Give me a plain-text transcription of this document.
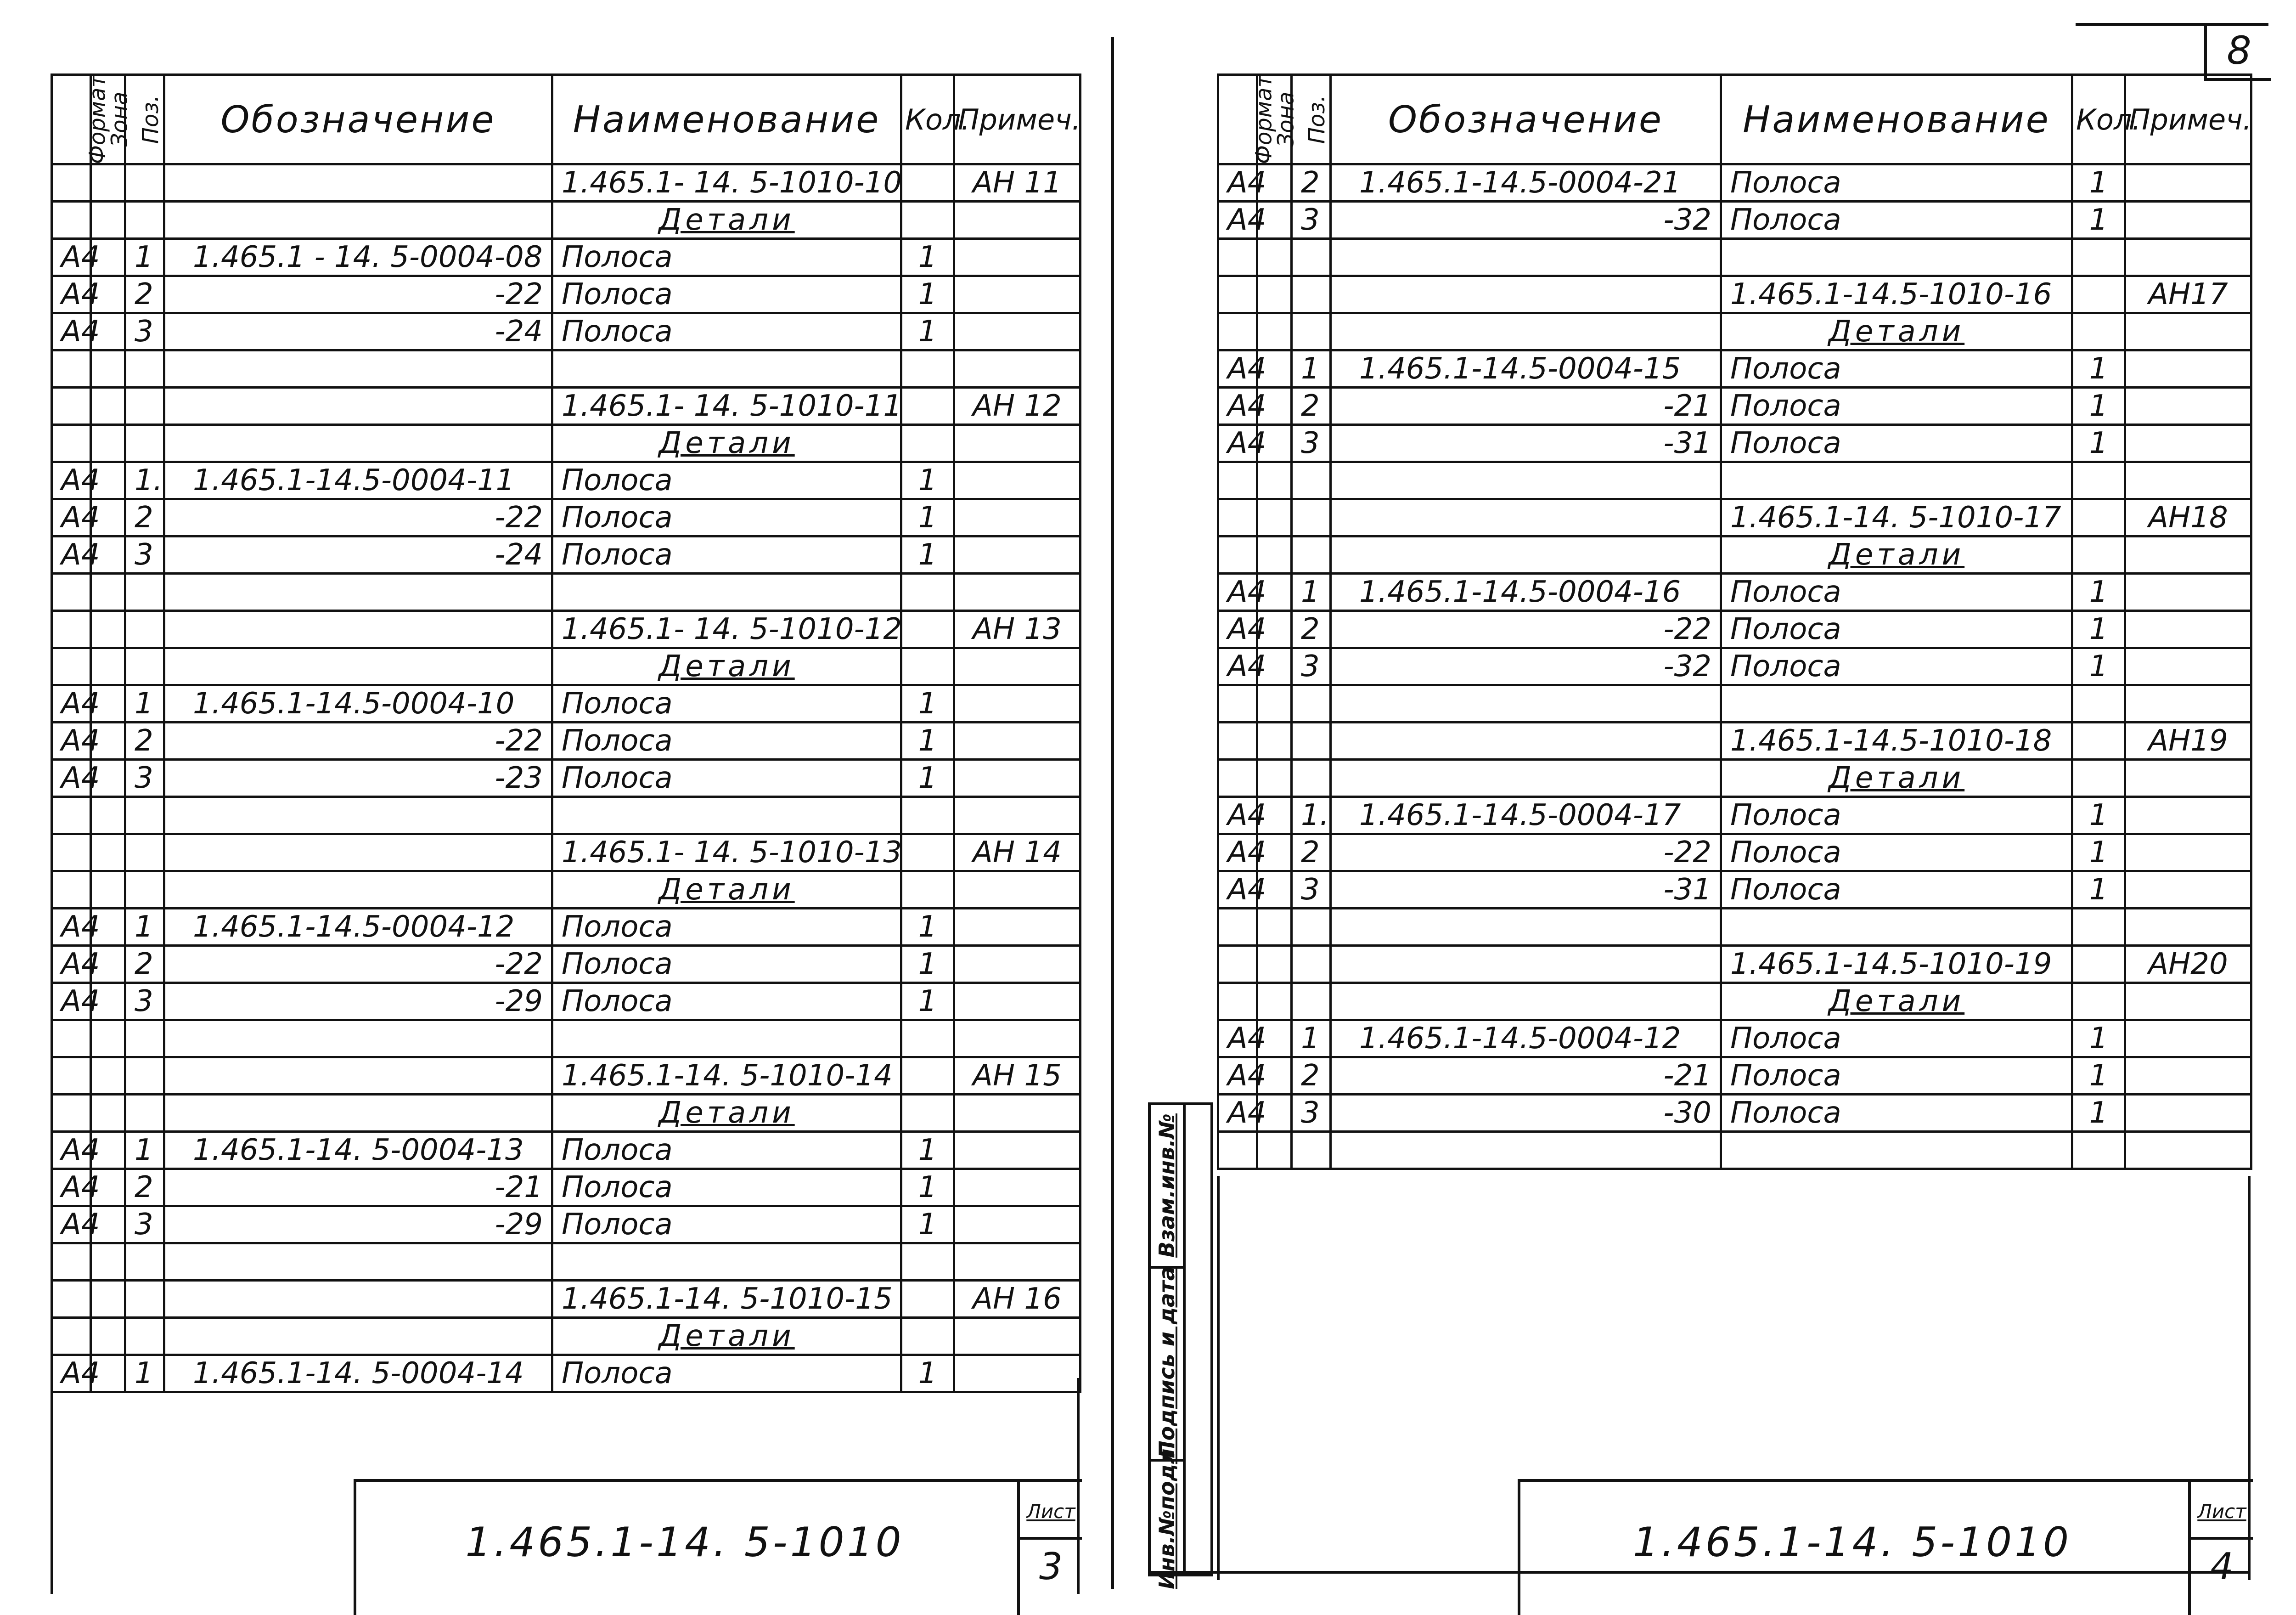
Формат	Зона	Поз.	Обозначение	Наименование	Кол.	Примеч.
				1.465.1- 14. 5-1010-10		АН 11
				Детали		
А4		1	1.465.1 - 14. 5-0004-08	Полоса	1	
А4		2	-22	Полоса	1	
А4		3	-24	Полоса	1	

				1.465.1- 14. 5-1010-11		АН 12
				Детали		
А4		1.	1.465.1-14.5-0004-11	Полоса	1	
А4		2	-22	Полоса	1	
А4		3	-24	Полоса	1	

				1.465.1- 14. 5-1010-12		АН 13
				Детали		
А4		1	1.465.1-14.5-0004-10	Полоса	1	
А4		2	-22	Полоса	1	
А4		3	-23	Полоса	1	

				1.465.1- 14. 5-1010-13		АН 14
				Детали		
А4		1	1.465.1-14.5-0004-12	Полоса	1	
А4		2	-22	Полоса	1	
А4		3	-29	Полоса	1	

				1.465.1-14. 5-1010-14		АН 15
				Детали		
А4		1	1.465.1-14. 5-0004-13	Полоса	1	
А4		2	-21	Полоса	1	
А4		3	-29	Полоса	1	

				1.465.1-14. 5-1010-15		АН 16
				Детали		
А4		1	1.465.1-14. 5-0004-14	Полоса	1	
1.465.1-14. 5-1010
Лист
3
8
Формат	Зона	Поз.	Обозначение	Наименование	Кол.	Примеч.
А4		2	1.465.1-14.5-0004-21	Полоса	1	
А4		3	-32	Полоса	1	

				1.465.1-14.5-1010-16		АН17
				Детали		
А4		1	1.465.1-14.5-0004-15	Полоса	1	
А4		2	-21	Полоса	1	
А4		3	-31	Полоса	1	

				1.465.1-14. 5-1010-17		АН18
				Детали		
А4		1	1.465.1-14.5-0004-16	Полоса	1	
А4		2	-22	Полоса	1	
А4		3	-32	Полоса	1	

				1.465.1-14.5-1010-18		АН19
				Детали		
А4		1.	1.465.1-14.5-0004-17	Полоса	1	
А4		2	-22	Полоса	1	
А4		3	-31	Полоса	1	

				1.465.1-14.5-1010-19		АН20
				Детали		
А4		1	1.465.1-14.5-0004-12	Полоса	1	
А4		2	-21	Полоса	1	
А4		3	-30	Полоса	1	

1.465.1-14. 5-1010
Лист
4
Взам.инв.№
Подпись и дата
Инв.№подл.
